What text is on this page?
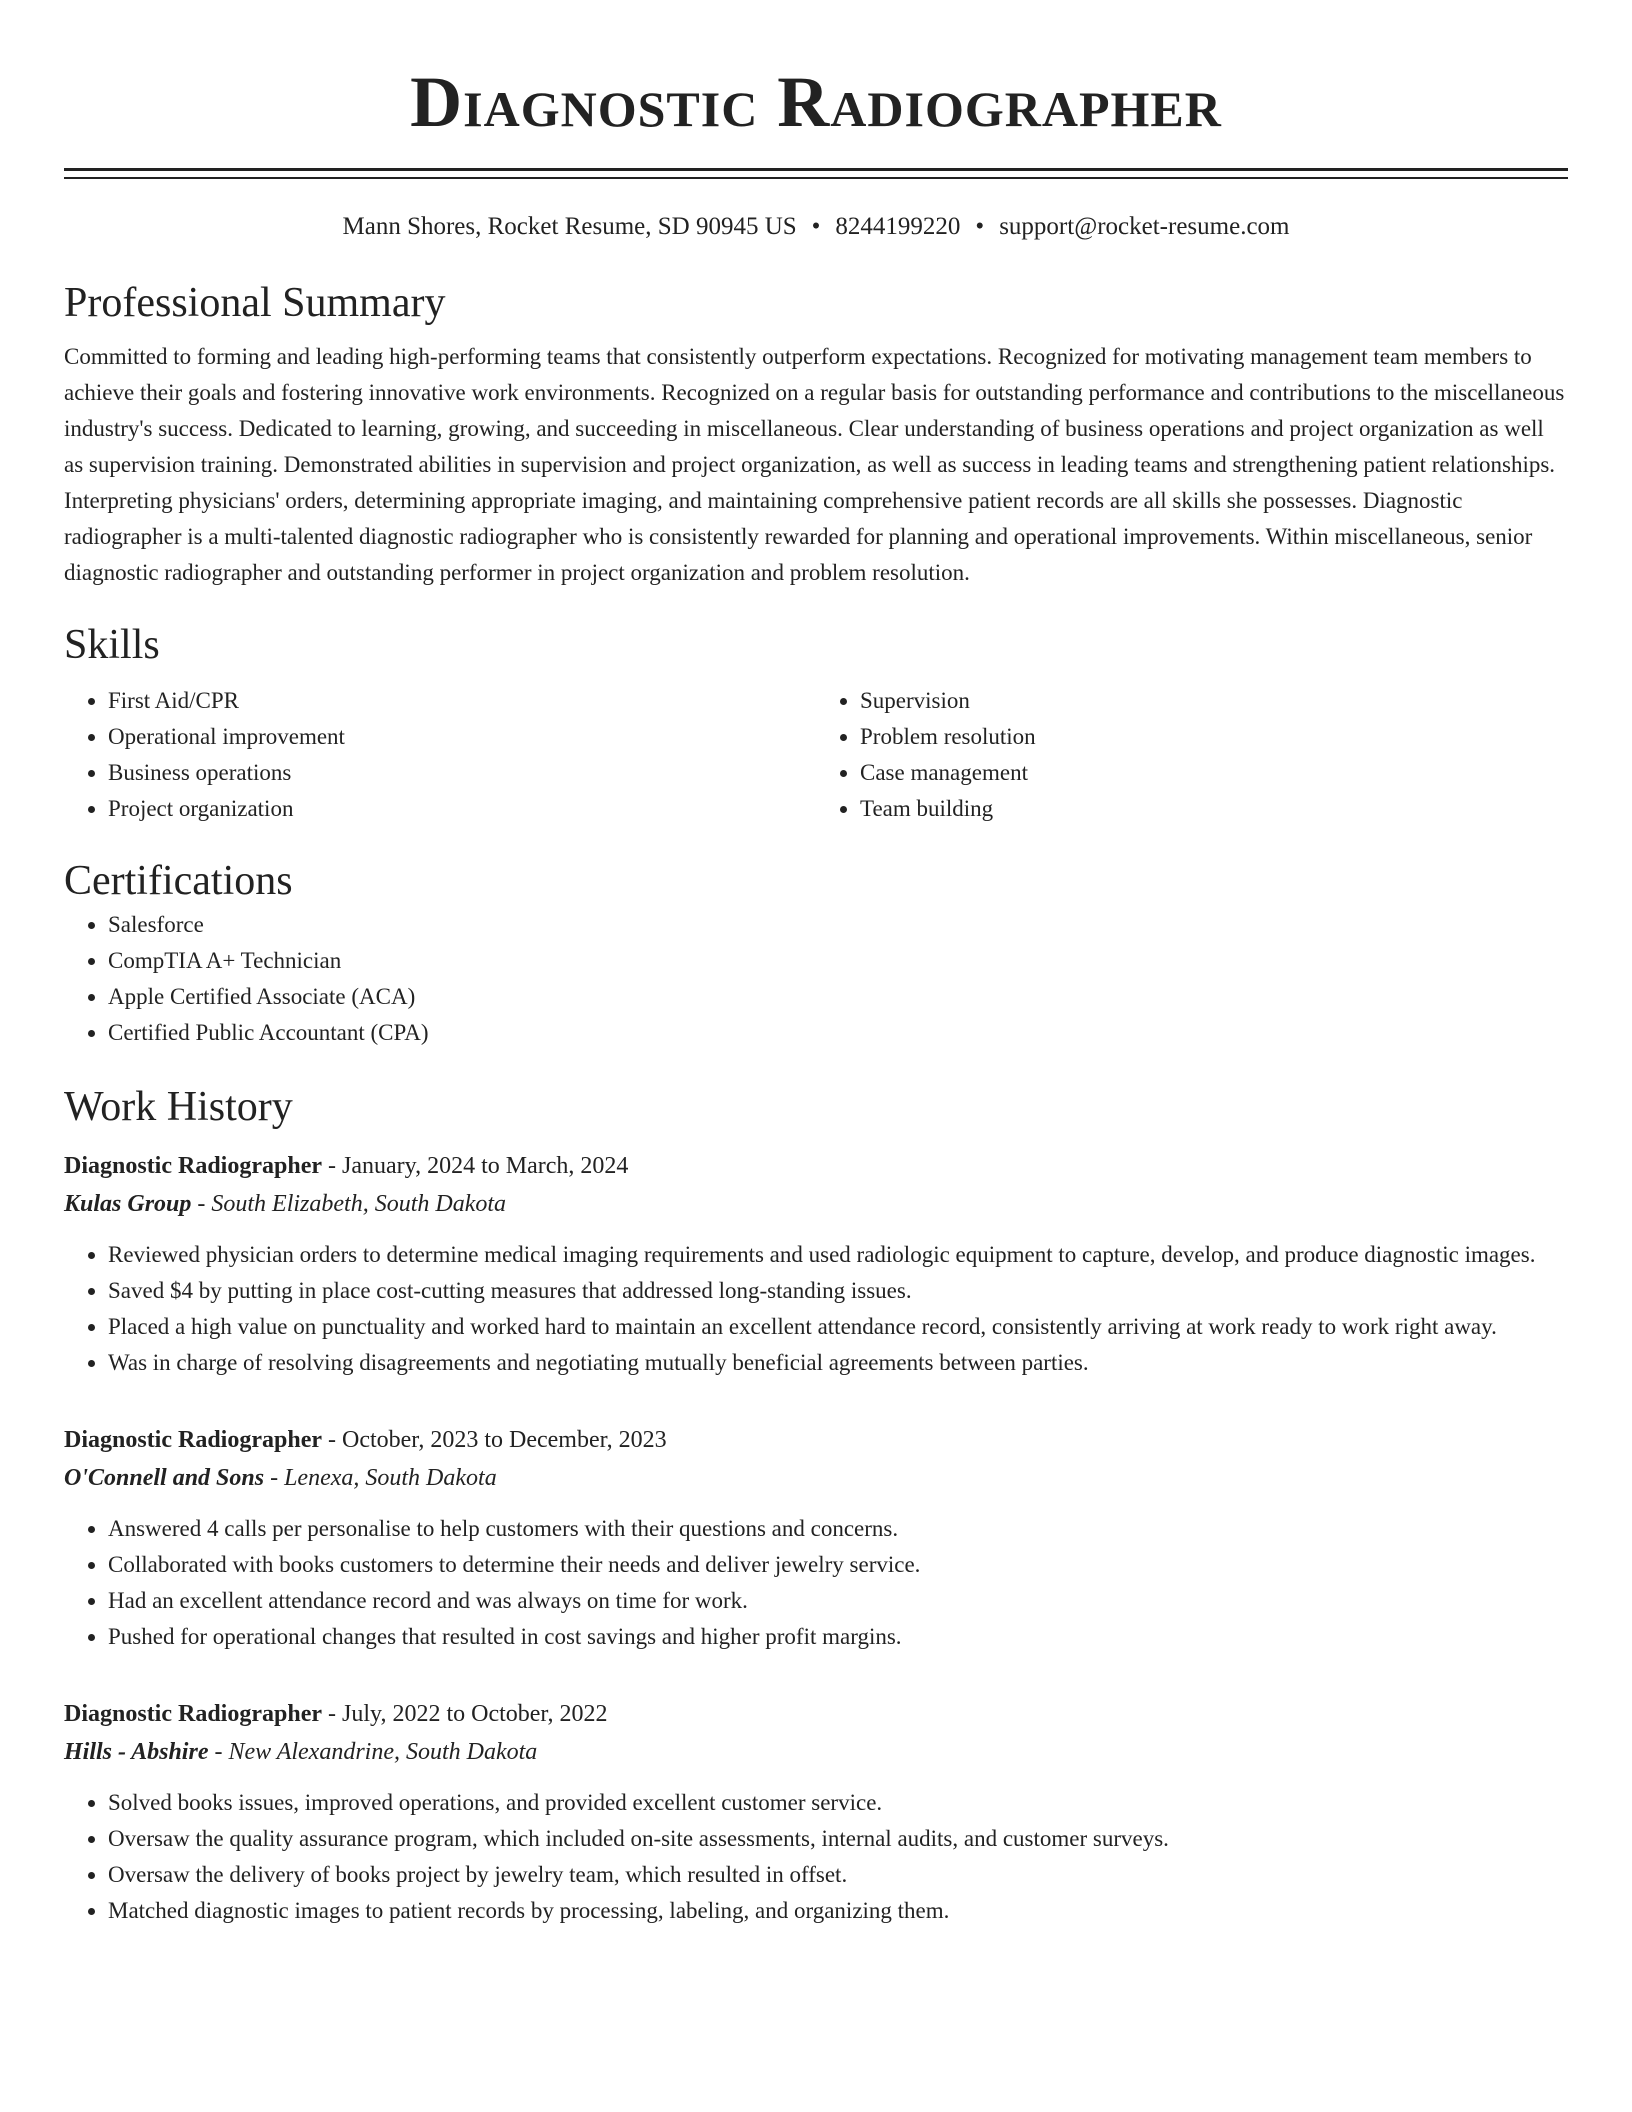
Diagnostic Radiographer
Mann Shores, Rocket Resume, SD 90945 US • 8244199220 • support@rocket-resume.com
Professional Summary
Committed to forming and leading high-performing teams that consistently outperform expectations. Recognized for motivating management team members to achieve their goals and fostering innovative work environments. Recognized on a regular basis for outstanding performance and contributions to the miscellaneous industry's success. Dedicated to learning, growing, and succeeding in miscellaneous. Clear understanding of business operations and project organization as well as supervision training. Demonstrated abilities in supervision and project organization, as well as success in leading teams and strengthening patient relationships. Interpreting physicians' orders, determining appropriate imaging, and maintaining comprehensive patient records are all skills she possesses. Diagnostic radiographer is a multi-talented diagnostic radiographer who is consistently rewarded for planning and operational improvements. Within miscellaneous, senior diagnostic radiographer and outstanding performer in project organization and problem resolution.
Skills
• First Aid/CPR
• Operational improvement
• Business operations
• Project organization
• Supervision
• Problem resolution
• Case management
• Team building
Certifications
• Salesforce
• CompTIA A+ Technician
• Apple Certified Associate (ACA)
• Certified Public Accountant (CPA)
Work History
Diagnostic Radiographer - January, 2024 to March, 2024
Kulas Group - South Elizabeth, South Dakota
• Reviewed physician orders to determine medical imaging requirements and used radiologic equipment to capture, develop, and produce diagnostic images.
• Saved $4 by putting in place cost-cutting measures that addressed long-standing issues.
• Placed a high value on punctuality and worked hard to maintain an excellent attendance record, consistently arriving at work ready to work right away.
• Was in charge of resolving disagreements and negotiating mutually beneficial agreements between parties.
Diagnostic Radiographer - October, 2023 to December, 2023
O'Connell and Sons - Lenexa, South Dakota
• Answered 4 calls per personalise to help customers with their questions and concerns.
• Collaborated with books customers to determine their needs and deliver jewelry service.
• Had an excellent attendance record and was always on time for work.
• Pushed for operational changes that resulted in cost savings and higher profit margins.
Diagnostic Radiographer - July, 2022 to October, 2022
Hills - Abshire - New Alexandrine, South Dakota
• Solved books issues, improved operations, and provided excellent customer service.
• Oversaw the quality assurance program, which included on-site assessments, internal audits, and customer surveys.
• Oversaw the delivery of books project by jewelry team, which resulted in offset.
• Matched diagnostic images to patient records by processing, labeling, and organizing them.
